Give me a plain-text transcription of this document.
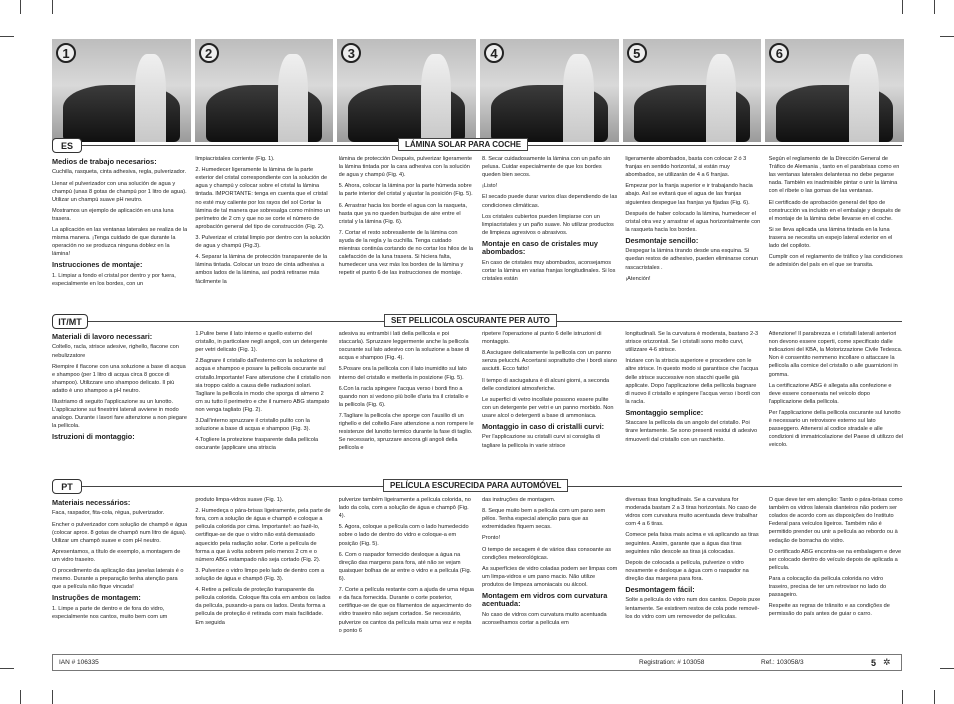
1	2	3	4	5	6
ES	LÁMINA SOLAR PARA COCHE
Medios de trabajo necesarios:

Cuchilla, rasqueta, cinta adhesiva, regla, pulverizador.

Llenar el pulverizador con una solución de agua y champú (unas 8 gotas de champú por 1 litro de agua). Utilizar un champú suave pH neutro.

Mostramos un ejemplo de aplicación en una luna trasera.

La aplicación en las ventanas laterales se realiza de la misma manera. ¡Tenga cuidado de que durante la operación no se produzca ninguna doblez en la lámina!

Instrucciones de montaje:

1. Limpiar a fondo el cristal por dentro y por fuera, especialmente en los bordes, con un

limpiacristales corriente (Fig. 1).

2. Humedecer ligeramente la lámina de la parte exterior del cristal correspondiente con la solución de agua y champú y colocar sobre el cristal la lámina tintada. IMPORTANTE: tenga en cuenta que el cristal no esté muy caliente por los rayos del sol Cortar la lámina de tal manera que sobresalga como mínimo un perímetro de 2 cm y que no se corte el número de aprobación general del tipo de construcción (Fig. 2).

3. Pulverizar el cristal limpio por dentro con la solución de agua y champú (Fig.3).

4. Separar la lámina de protección transparente de la lámina tintada. Colocar un trozo de cinta adhesiva a ambos lados de la lámina, así podrá retirarse más fácilmente la

lámina de protección Después, pulverizar ligeramente la lámina tintada por la cara adhesiva con la solución de agua y champú (Fig. 4).

5. Ahora, colocar la lámina por la parte húmeda sobre la parte interior del cristal y ajustar la posición (Fig. 5).

6. Arrastrar hacia los borde el agua con la rasqueta, hasta que ya no queden burbujas de aire entre el cristal y la lámina (Fig. 6).

7. Cortar el resto sobresaliente de la lámina con ayuda de la regla y la cuchilla. Tenga cuidado mientras continúa cortando de no cortar los hilos de la calefacción de la luna trasera. Si hiciera falta, humedecer una vez más los bordes de la lámina y repetir el punto 6 de las instrucciones de montaje.

8. Secar cuidadosamente la lámina con un paño sin pelusa. Cuidar especialmente de que los bordes queden bien secos.

¡Listo!

El secado puede durar varios días dependiendo de las condiciones climáticas.

Los cristales cubiertos pueden limpiarse con un limpiacristales y un paño suave. No utilizar productos de limpieza agresivos o abrasivos.

Montaje en caso de cristales muy abombados:

En caso de cristales muy abombados, aconsejamos cortar la lámina en varias franjas longitudinales. Si los cristales están

ligeramente abombados, basta con colocar 2 ó 3 franjas en sentido horizontal, si están muy abombados, se utilizarán de 4 a 6 franjas.

Empezar por la franja superior e ir trabajando hacia abajo. Así se evitará que el agua de las franjas siguientes despegue las franjas ya fijadas (Fig. 6).

Después de haber colocado la lámina, humedecer el cristal otra vez y arrastrar el agua horizontalmente con la rasqueta hacia los bordes.

Desmontaje sencillo:

Despegar la lámina tirando desde una esquina. Si quedan restos de adhesivo, pueden eliminarse conun rascacristales .

¡Atención!

Según el reglamento de la Dirección General de Tráfico de Alemania , tanto en el parabrisas como en las ventanas laterales delanteras no debe pegarse nada. También es inadmisible pintar o unir la lámina con el ribete o las gomas de las ventanas.

El certificado de aprobación general del tipo de construcción va incluido en el embalaje y después de el montaje de la lámina debe llevarse en el coche.

Si se lleva aplicada una lámina tintada en la luna trasera se necesita un espejo lateral exterior en el lado del copiloto.

Cumplir con el reglamento de tráfico y las condiciones de admisión del país en el que se transita.

IT/MT	SET PELLICOLA OSCURANTE PER AUTO
Materiali di lavoro necessari:

Coltello, racla, strisce adesive, righello, flacone con nebulizzatore

Riempire il flacone con una soluzione a base di acqua e shampoo (per 1 litro di acqua circa 8 gocce di shampoo). Utilizzare uno shampoo delicato. Il più adatto è uno shampoo a pH neutro.

Illustriamo di seguito l'applicazione su un lunotto. L'applicazione sui finestrini laterali avviene in modo analogo. Durante i lavori fare attenzione a non piegare la pellicola.

Istruzioni di montaggio:

1.Pulire bene il lato interno e quello esterno del cristallo, in particolare negli angoli, con un detergente per vetri delicato (Fig. 1).

2.Bagnare il cristallo dall'esterno con la soluzione di acqua e shampoo e posare la pellicola oscurante sul cristallo.Importante! Fare attenzione che il cristallo non sia troppo caldo a causa delle radiazioni solari. Tagliare la pellicola in modo che sporga di almeno 2 cm su tutto il perimetro e che il numero ABG stampato non venga tagliato (Fig. 2).

3.Dall'interno spruzzare il cristallo pulito con la soluzione a base di acqua e shampoo (Fig. 3).

4.Togliere la protezione trasparente dalla pellicola oscurante (applicare una striscia

adesiva su entrambi i lati della pellicola e poi staccarla). Spruzzare leggermente anche la pellicola oscurante sul lato adesivo con la soluzione a base di acqua e shampoo (Fig. 4).

5.Posare ora la pellicola con il lato inumidito sul lato interno del cristallo e metterla in posizione (Fig. 5).

6.Con la racla spingere l'acqua verso i bordi fino a quando non si vedono più bolle d'aria tra il cristallo e la pellicola (Fig. 6).

7.Tagliare la pellicola che sporge con l'ausilio di un righello e del coltello.Fare attenzione a non rompere le resistenze del lunotto termico durante la fase di taglio. Se necessario, spruzzare ancora gli angoli della pellicola e

ripetere l'operazione al punto 6 delle istruzioni di montaggio.

8.Asciugare delicatamente la pellicola con un panno senza pelucchi. Accertarsi soprattutto che i bordi siano asciutti. Ecco fatto!

Il tempo di asciugatura è di alcuni giorni, a seconda delle condizioni atmosferiche.

Le superfici di vetro incollate possono essere pulite con un detergente per vetri e un panno morbido. Non usare alcol o detergenti a base di ammoniaca.

Montaggio in caso di cristalli curvi:

Per l'applicazione su cristalli curvi si consiglia di tagliare la pellicola in varie strisce

longitudinali. Se la curvatura è moderata, bastano 2-3 strisce orizzontali. Se i cristalli sono molto curvi, utilizzare 4-6 strisce.

Iniziare con la striscia superiore e procedere con le altre strisce. In questo modo si garantisce che l'acqua delle strisce successive non stacchi quelle già applicate. Dopo l'applicazione della pellicola bagnare di nuovo il cristallo e spingere l'acqua verso i bordi con la racla.

Smontaggio semplice:

Staccare la pellicola da un angolo del cristallo. Poi tirare lentamente. Se sono presenti residui di adesivo rimuoverli dal cristallo con un raschietto.

Attenzione! Il parabrezza e i cristalli laterali anteriori non devono essere coperti, come specificato dalle indicazioni del KBA, la Motorizzazione Civile Tedesca. Non è consentito nemmeno incollare o attaccare la pellicola alla cornice del cristallo o alle guarnizioni in gomma.

La certificazione ABG è allegata alla confezione e deve essere conservata nel veicolo dopo l'applicazione della pellicola.

Per l'applicazione della pellicola oscurante sul lunotto è necessario un retrovisore esterno sul lato passeggero. Attenersi al codice stradale e alle condizioni di immatricolazione del Paese di utilizzo del veicolo.

PT	PELÍCULA ESCURECIDA PARA AUTOMÓVEL
Materiais necessários:

Faca, raspador, fita-cola, régua, pulverizador.

Encher o pulverizador com solução de champô e água (colocar aprox. 8 gotas de champô num litro de água). Utilizar um champô suave e com pH neutro.

Apresentamos, a título de exemplo, a montagem de um vidro traseiro.

O procedimento da aplicação das janelas laterais é o mesmo. Durante a preparação tenha atenção para que a película não fique vincada!

Instruções de montagem:

1. Limpe a parte de dentro e de fora do vidro, especialmente nos cantos, muito bem com um

produto limpa-vidros suave (Fig. 1).

2. Humedeça o pára-brisas ligeiramente, pela parte de fora, com a solução de água e champô e coloque a película colorida por cima. Importante!: ao fazê-lo, certifique-se de que o vidro não está demasiado aquecido pela radiação solar. Corte a película de forma a que à volta sobrem pelo menos 2 cm e o número ABG estampado não seja cortado (Fig. 2).

3. Pulverize o vidro limpo pelo lado de dentro com a solução de água e champô (Fig. 3).

4. Retire a película de proteção transparente da película colorida. Coloque fita cola em ambos os lados da película, puxando-a para os lados. Desta forma a película de proteção é retirada com mais facilidade. Em seguida

pulverize também ligeiramente a película colorida, no lado da cola, com a solução de água e champô (Fig. 4).

5. Agora, coloque a película com o lado humedecido sobre o lado de dentro do vidro e coloque-a em posição (Fig. 5).

6. Com o raspador fornecido desloque a água na direção das margens para fora, até não se vejam quaisquer bolhas de ar entre o vidro e a película (Fig. 6).

7. Corte a película restante com a ajuda de uma régua e da faca fornecida. Durante o corte posterior, certifique-se de que os filamentos de aquecimento do vidro traseiro não sejam cortados. Se necessário, pulverize os cantos da película mais uma vez e repita o ponto 6

das instruções de montagem.

8. Seque muito bem a película com um pano sem pêlos. Tenha especial atenção para que as extremidades fiquem secas.

Pronto!

O tempo de secagem é de vários dias consoante as condições meteorológicas.

As superfícies de vidro coladas podem ser limpas com um limpa-vidros e um pano macio. Não utilize produtos de limpeza amoniacais ou álcool.

Montagem em vidros com curvatura acentuada:

No caso de vidros com curvatura muito acentuada aconselhamos cortar a película em

diversas tiras longitudinais. Se a curvatura for moderada bastam 2 a 3 tiras horizontais. No caso de vidros com curvatura muito acentuada deve trabalhar com 4 a 6 tiras.

Comece pela faixa mais acima e vá aplicando as tiras seguintes. Assim, garante que a água das tiras seguintes não descole as tiras já colocadas.

Depois de colocada a película, pulverize o vidro novamente e desloque a água com o raspador na direção das margens para fora.

Desmontagem fácil:

Solte a película do vidro num dos cantos. Depois puxe lentamente. Se existirem restos de cola pode removê-los do vidro com um removedor de películas.

O que deve ter em atenção: Tanto o pára-brisas como também os vidros laterais dianteiros não podem ser colados de acordo com as disposições do Instituto Federal para veículos ligeiros. Também não é permitido prender ou unir a película ao rebordo ou à vedação de borracha do vidro.

O certificado ABG encontra-se na embalagem e deve ser colocado dentro do veículo depois de aplicada a película.

Para a colocação da película colorida no vidro traseiro, precisa de ter um retrovisor no lado do passageiro.

Respeite as regras de trânsito e as condições de permissão do país antes de guiar o carro.

IAN # 106335	Registration: # 103058	Ref.: 103058/3	5 ✲
